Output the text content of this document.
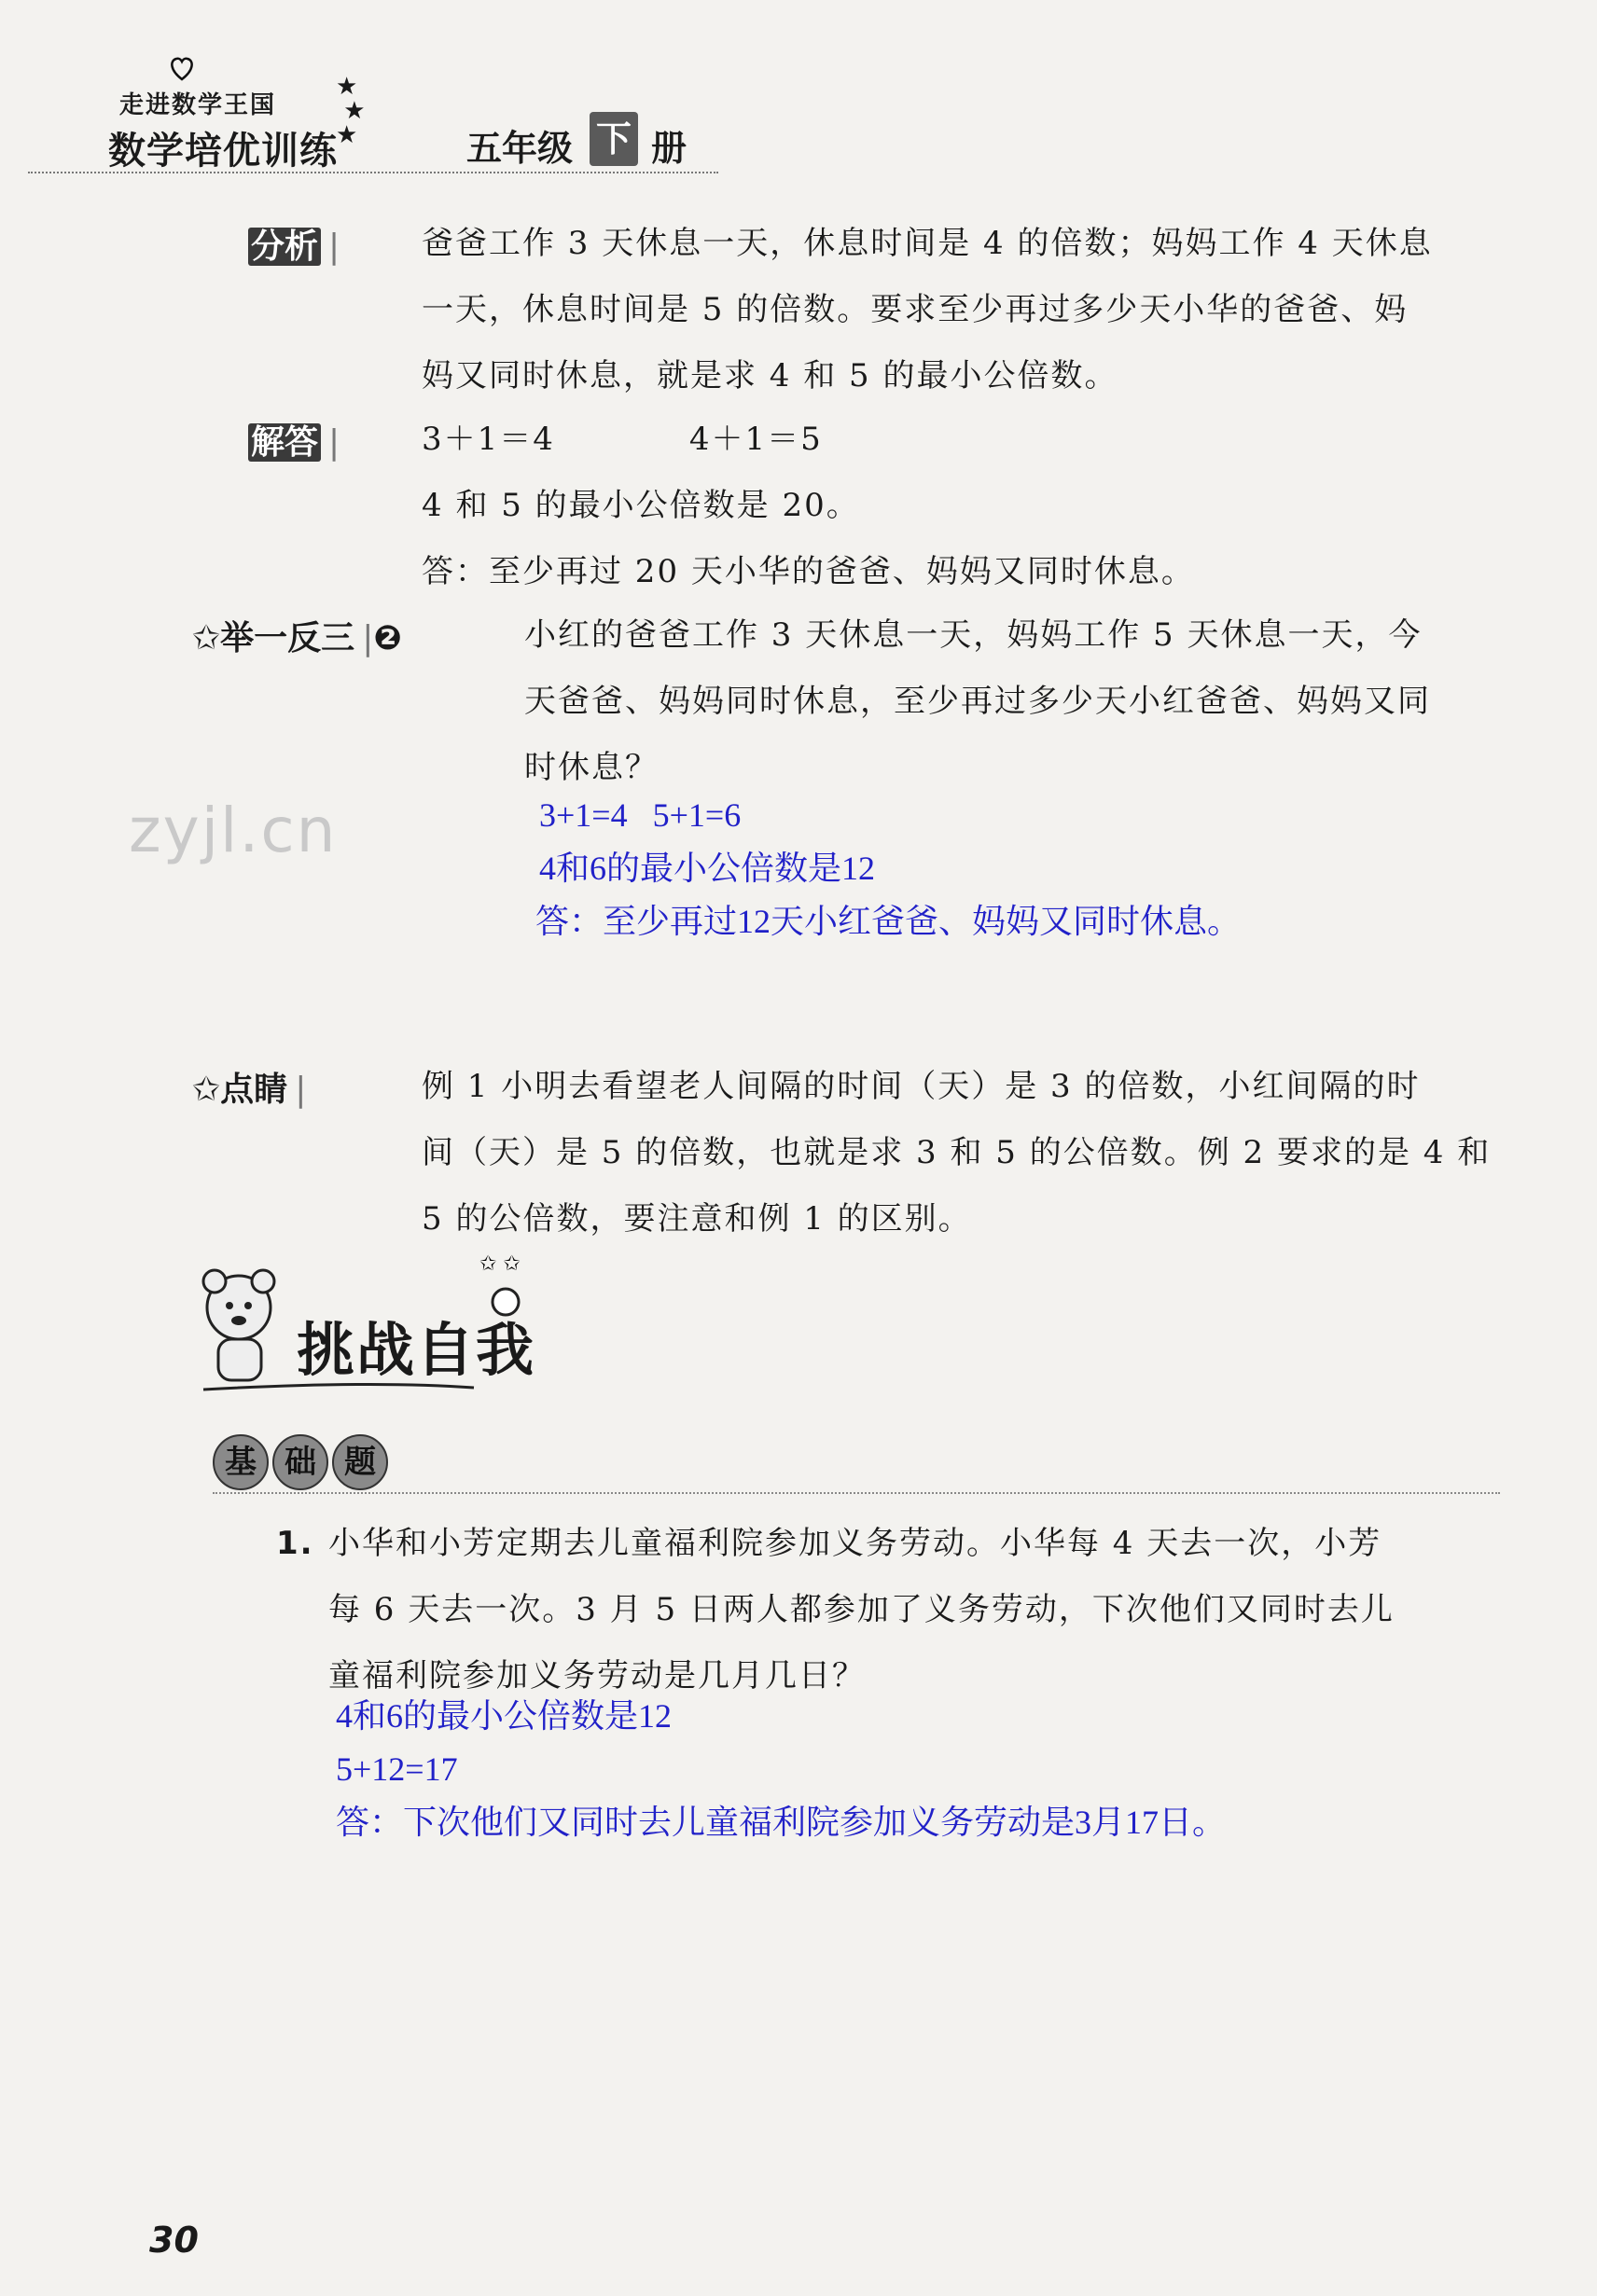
走进数学王国
数学培优训练
★
★
★	五年级 下 册
分析 |	爸爸工作 3 天休息一天，休息时间是 4 的倍数；妈妈工作 4 天休息
一天，休息时间是 5 的倍数。要求至少再过多少天小华的爸爸、妈
妈又同时休息，就是求 4 和 5 的最小公倍数。
解答 |	3＋1＝4　　　　4＋1＝5
4 和 5 的最小公倍数是 20。
答：至少再过 20 天小华的爸爸、妈妈又同时休息。
✩举一反三 |❷	小红的爸爸工作 3 天休息一天，妈妈工作 5 天休息一天，今
天爸爸、妈妈同时休息，至少再过多少天小红爸爸、妈妈又同
时休息？
3+1=4   5+1=6
4和6的最小公倍数是12
答：至少再过12天小红爸爸、妈妈又同时休息。
zyjl.cn
✩点睛 |	例 1 小明去看望老人间隔的时间（天）是 3 的倍数，小红间隔的时
间（天）是 5 的倍数，也就是求 3 和 5 的公倍数。例 2 要求的是 4 和
5 的公倍数，要注意和例 1 的区别。
✩ ✩
挑战自我
基 础 题
1. 小华和小芳定期去儿童福利院参加义务劳动。小华每 4 天去一次，小芳
每 6 天去一次。3 月 5 日两人都参加了义务劳动，下次他们又同时去儿
童福利院参加义务劳动是几月几日？
4和6的最小公倍数是12
5+12=17
答：下次他们又同时去儿童福利院参加义务劳动是3月17日。
30
